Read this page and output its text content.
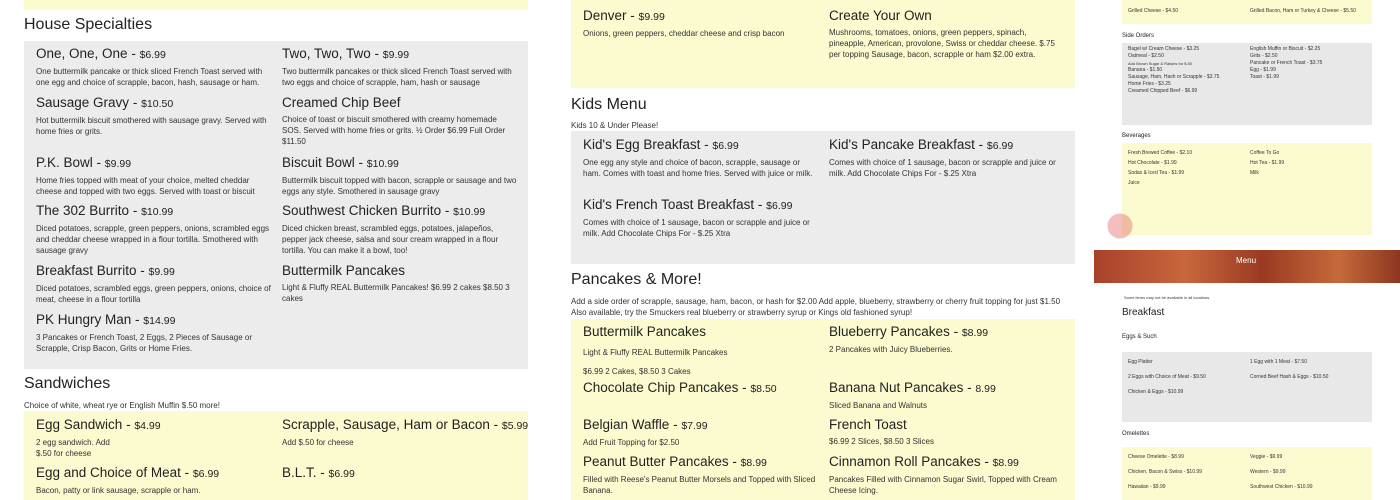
House Specialties
One, One, One - $6.99

One buttermilk pancake or thick sliced French Toast served with one egg and choice of scrapple, bacon, hash, sausage or ham.

Two, Two, Two - $9.99

Two buttermilk pancakes or thick sliced French Toast served with two eggs and choice of scrapple, ham, hash or sausage

Sausage Gravy - $10.50

Hot buttermilk biscuit smothered with sausage gravy. Served with home fries or grits.

Creamed Chip Beef

Choice of toast or biscuit smothered with creamy homemade SOS. Served with home fries or grits. ½ Order $6.99 Full Order $11.50

P.K. Bowl - $9.99

Home fries topped with meat of your choice, melted cheddar cheese and topped with two eggs. Served with toast or biscuit

Biscuit Bowl - $10.99

Buttermilk biscuit topped with bacon, scrapple or sausage and two eggs any style. Smothered in sausage gravy

The 302 Burrito - $10.99

Diced potatoes, scrapple, green peppers, onions, scrambled eggs and cheddar cheese wrapped in a flour tortilla. Smothered with sausage gravy

Southwest Chicken Burrito - $10.99

Diced chicken breast, scrambled eggs, potatoes, jalapeños, pepper jack cheese, salsa and sour cream wrapped in a flour tortilla. You can make it a bowl, too!

Breakfast Burrito - $9.99

Diced potatoes, scrambled eggs, green peppers, onions, choice of meat, cheese in a flour tortilla

Buttermilk Pancakes

Light & Fluffy REAL Buttermilk Pancakes! $6.99 2 cakes $8.50 3 cakes

PK Hungry Man - $14.99

3 Pancakes or French Toast, 2 Eggs, 2 Pieces of Sausage or Scrapple, Crisp Bacon, Grits or Home Fries.

Sandwiches
Choice of white, wheat rye or English Muffin $.50 more!
Egg Sandwich - $4.99

2 egg sandwich. Add $.50 for cheese

Scrapple, Sausage, Ham or Bacon - $5.99

Add $.50 for cheese

Egg and Choice of Meat - $6.99

Bacon, patty or link sausage, scrapple or ham.

B.L.T. - $6.99
Denver - $9.99

Onions, green peppers, cheddar cheese and crisp bacon

Create Your Own

Mushrooms, tomatoes, onions, green peppers, spinach, pineapple, American, provolone, Swiss or cheddar cheese. $.75 per topping Sausage, bacon, scrapple or ham $2.00 extra.

Kids Menu
Kids 10 & Under Please!
Kid's Egg Breakfast - $6.99

One egg any style and choice of bacon, scrapple, sausage or ham. Comes with toast and home fries. Served with juice or milk.

Kid's Pancake Breakfast - $6.99

Comes with choice of 1 sausage, bacon or scrapple and juice or milk. Add Chocolate Chips For - $.25 Xtra

Kid's French Toast Breakfast - $6.99

Comes with choice of 1 sausage, bacon or scrapple and juice or milk. Add Chocolate Chips For - $.25 Xtra

Pancakes & More!
Add a side order of scrapple, sausage, ham, bacon, or hash for $2.00 Add apple, blueberry, strawberry or cherry fruit topping for just $1.50 Also available, try the Smuckers real blueberry or strawberry syrup or Kings old fashioned syrup!
Buttermilk Pancakes

Light & Fluffy REAL Buttermilk Pancakes $6.99 2 Cakes, $8.50 3 Cakes

Blueberry Pancakes - $8.99

2 Pancakes with Juicy Blueberries.

Chocolate Chip Pancakes - $8.50	Banana Nut Pancakes - 8.99

Sliced Banana and Walnuts

Belgian Waffle - $7.99

Add Fruit Topping for $2.50

French Toast

$6.99 2 Slices, $8.50 3 Slices

Peanut Butter Pancakes - $8.99

Filled with Reese's Peanut Butter Morsels and Topped with Sliced Banana.

Cinnamon Roll Pancakes - $8.99

Pancakes Filled with Cinnamon Sugar Swirl, Topped with Cream Cheese Icing.

Grilled Cheese - $4.50	Grilled Bacon, Ham or Turkey & Cheese - $5.50
Side Orders
Bagel w/ Cream Cheese - $3.25
Oatmeal - $2.50
Add Brown Sugar & Raisins for $.50
Banana - $1.50
Sausage, Ham, Hash or Scrapple - $3.75
Home Fries - $3.25
Creamed Chipped Beef - $6.99
English Muffin or Biscuit - $2.25
Grits - $2.50
Pancake or French Toast - $3.75
Egg - $1.99
Toast - $1.99
Beverages
Fresh Brewed Coffee - $2.10
Hot Chocolate - $1.99
Sodas & Iced Tea - $1.99
Juice
Coffee To Go
Hot Tea - $1.99
Milk
Menu
Some items may not be available in all locations.
Breakfast
Eggs & Such
Egg Platter
2 Eggs with Choice of Meat - $9.50
Chicken & Eggs - $10.99
1 Egg with 1 Meat - $7.50
Corned Beef Hash & Eggs - $10.50
Omelettes
Cheese Omelette - $8.99
Chicken, Bacon & Swiss - $10.99
Hawaiian - $9.99
Veggie - $9.99
Western - $9.99
Southwest Chicken - $10.99
